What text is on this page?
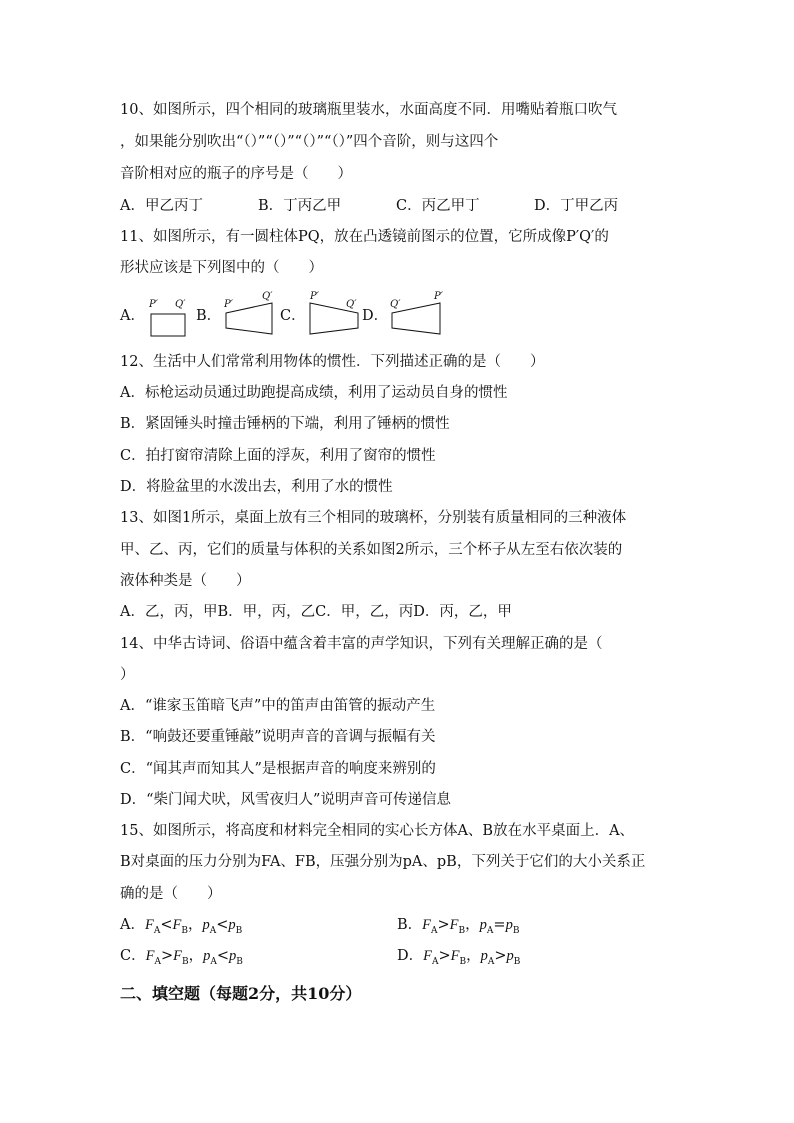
10、如图所示，四个相同的玻璃瓶里装水，水面高度不同．用嘴贴着瓶口吹气
，如果能分别吹出“（）”“（）”“（）”“（）”四个音阶，则与这四个
音阶相对应的瓶子的序号是（　　）
A．甲乙丙丁	B．丁丙乙甲	C．丙乙甲丁	D．丁甲乙丙
11、如图所示，有一圆柱体PQ，放在凸透镜前图示的位置，它所成像P′Q′的
形状应该是下列图中的（　　）
A．
P′ Q′
B．
P′
Q′
C．
P′
Q′
D．
Q′
P′
12、生活中人们常常利用物体的惯性．下列描述正确的是（　　）
A．标枪运动员通过助跑提高成绩，利用了运动员自身的惯性
B．紧固锤头时撞击锤柄的下端，利用了锤柄的惯性
C．拍打窗帘清除上面的浮灰，利用了窗帘的惯性
D．将脸盆里的水泼出去，利用了水的惯性
13、如图1所示，桌面上放有三个相同的玻璃杯，分别装有质量相同的三种液体
甲、乙、丙，它们的质量与体积的关系如图2所示，三个杯子从左至右依次装的
液体种类是（　　）
A．乙，丙，甲B．甲，丙，乙C．甲，乙，丙D．丙，乙，甲
14、中华古诗词、俗语中蕴含着丰富的声学知识，下列有关理解正确的是（
）
A．“谁家玉笛暗飞声”中的笛声由笛管的振动产生
B．“响鼓还要重锤敲”说明声音的音调与振幅有关
C．“闻其声而知其人”是根据声音的响度来辨别的
D．“柴门闻犬吠，风雪夜归人”说明声音可传递信息
15、如图所示，将高度和材料完全相同的实心长方体A、B放在水平桌面上．A、
B对桌面的压力分别为FA、FB，压强分别为pA、pB，下列关于它们的大小关系正
确的是（　　）
A．$F_A<F_B$，$p_A<p_B$	B．$F_A>F_B$，$p_A=p_B$
C．$F_A>F_B$，$p_A<p_B$	D．$F_A>F_B$，$p_A>p_B$
二、填空题（每题2分，共10分）
